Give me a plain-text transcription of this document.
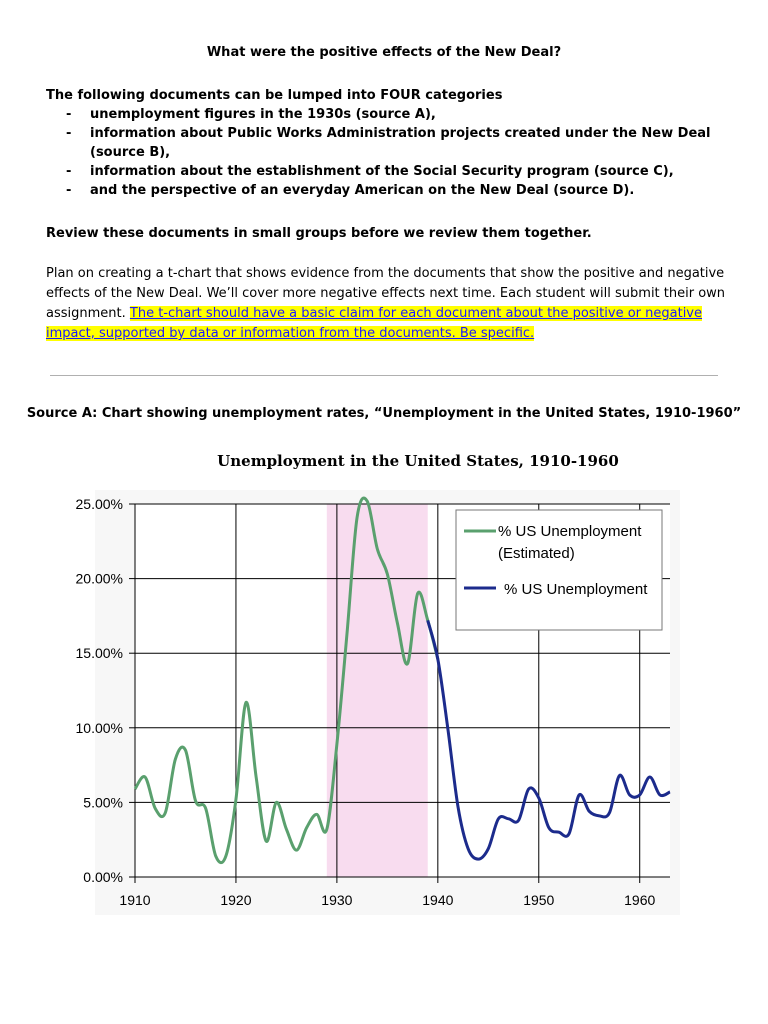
What were the positive effects of the New Deal?
The following documents can be lumped into FOUR categories
- unemployment figures in the 1930s (source A),
- information about Public Works Administration projects created under the New Deal (source B),
- information about the establishment of the Social Security program (source C),
- and the perspective of an everyday American on the New Deal (source D).
Review these documents in small groups before we review them together.
Plan on creating a t-chart that shows evidence from the documents that show the positive and negative effects of the New Deal. We’ll cover more negative effects next time. Each student will submit their own assignment. The t-chart should have a basic claim for each document about the positive or negative impact, supported by data or information from the documents. Be specific.
Source A: Chart showing unemployment rates, “Unemployment in the United States, 1910-1960”
Unemployment in the United States, 1910-1960
0.00%
5.00%
10.00%
15.00%
20.00%
25.00%
1910	1920	1930	1940	1950	1960
% US Unemployment
(Estimated)
% US Unemployment
